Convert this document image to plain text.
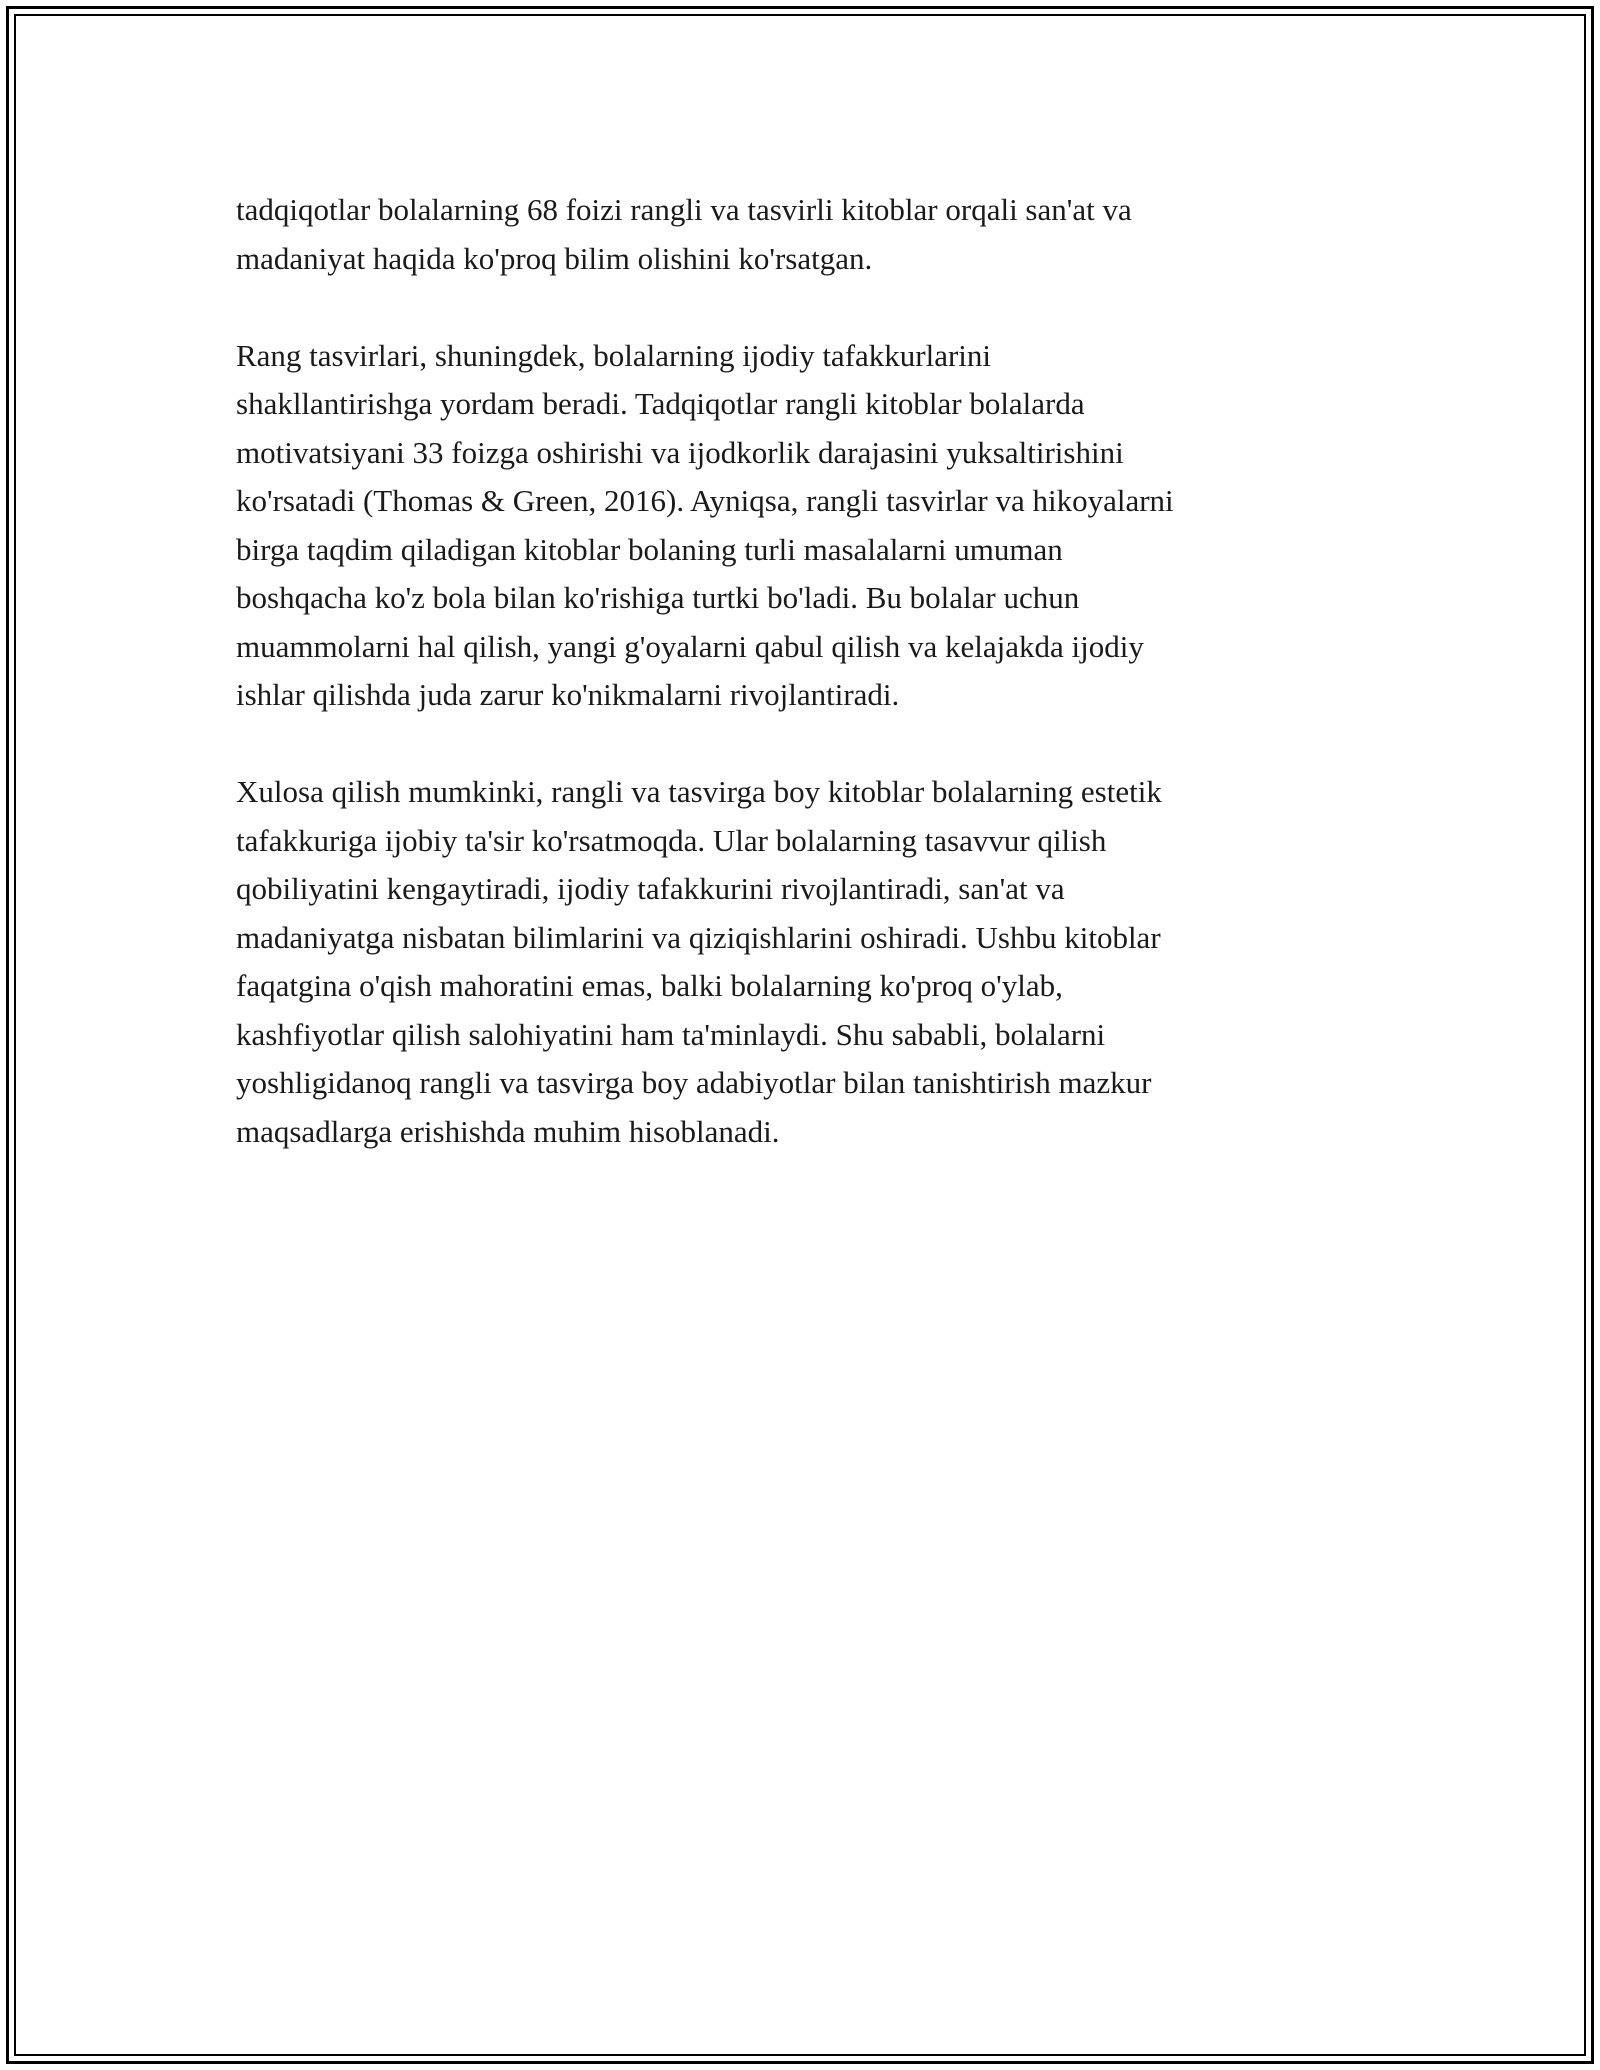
tadqiqotlar bolalarning 68 foizi rangli va tasvirli kitoblar orqali san'at va
madaniyat haqida ko'proq bilim olishini ko'rsatgan.

Rang tasvirlari, shuningdek, bolalarning ijodiy tafakkurlarini
shakllantirishga yordam beradi. Tadqiqotlar rangli kitoblar bolalarda
motivatsiyani 33 foizga oshirishi va ijodkorlik darajasini yuksaltirishini
ko'rsatadi (Thomas & Green, 2016). Ayniqsa, rangli tasvirlar va hikoyalarni
birga taqdim qiladigan kitoblar bolaning turli masalalarni umuman
boshqacha ko'z bola bilan ko'rishiga turtki bo'ladi. Bu bolalar uchun
muammolarni hal qilish, yangi g'oyalarni qabul qilish va kelajakda ijodiy
ishlar qilishda juda zarur ko'nikmalarni rivojlantiradi.

Xulosa qilish mumkinki, rangli va tasvirga boy kitoblar bolalarning estetik
tafakkuriga ijobiy ta'sir ko'rsatmoqda. Ular bolalarning tasavvur qilish
qobiliyatini kengaytiradi, ijodiy tafakkurini rivojlantiradi, san'at va
madaniyatga nisbatan bilimlarini va qiziqishlarini oshiradi. Ushbu kitoblar
faqatgina o'qish mahoratini emas, balki bolalarning ko'proq o'ylab,
kashfiyotlar qilish salohiyatini ham ta'minlaydi. Shu sababli, bolalarni
yoshligidanoq rangli va tasvirga boy adabiyotlar bilan tanishtirish mazkur
maqsadlarga erishishda muhim hisoblanadi.
